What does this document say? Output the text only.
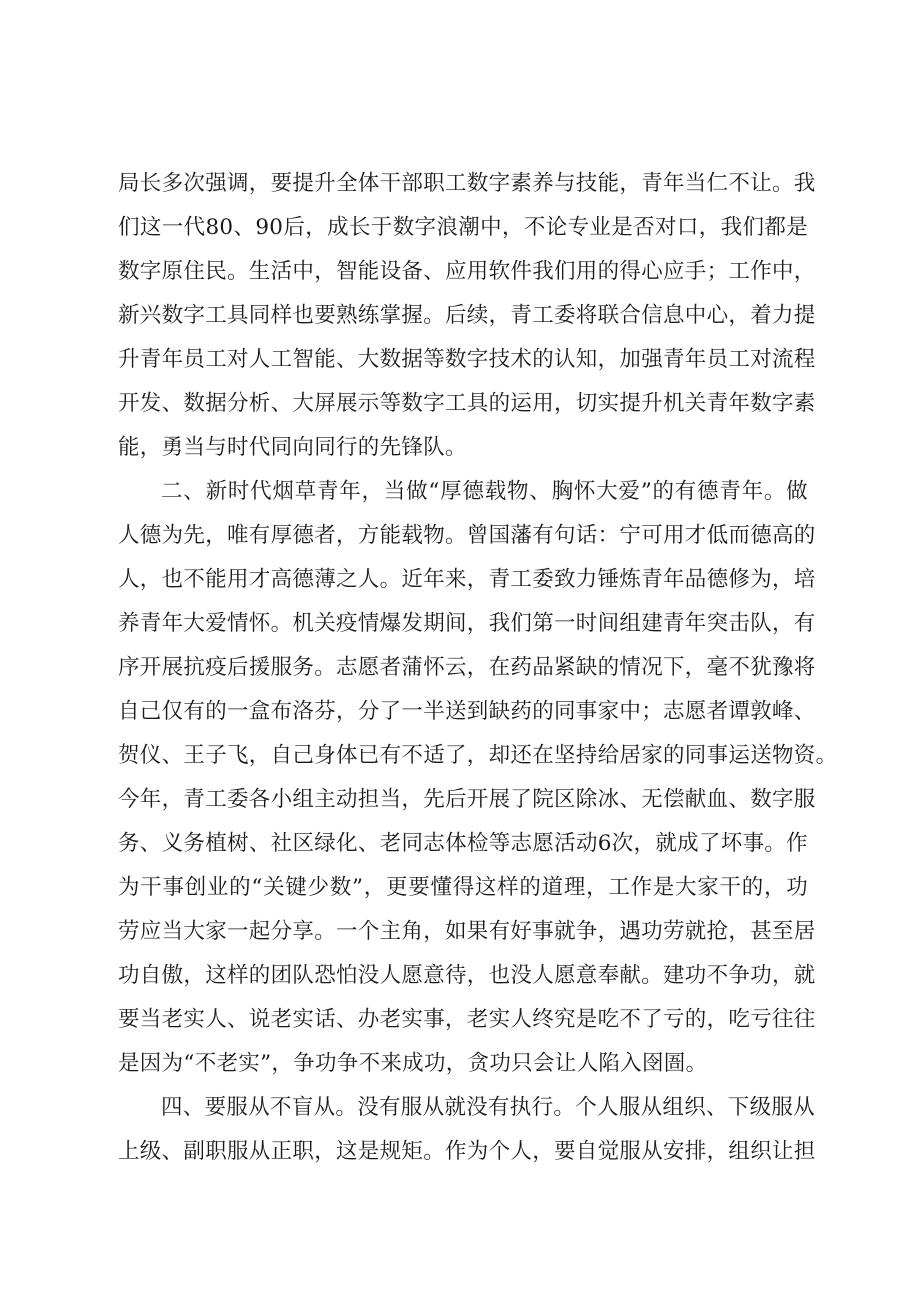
局长多次强调，要提升全体干部职工数字素养与技能，青年当仁不让。我
们这一代80、90后，成长于数字浪潮中，不论专业是否对口，我们都是
数字原住民。生活中，智能设备、应用软件我们用的得心应手；工作中，
新兴数字工具同样也要熟练掌握。后续，青工委将联合信息中心，着力提
升青年员工对人工智能、大数据等数字技术的认知，加强青年员工对流程
开发、数据分析、大屏展示等数字工具的运用，切实提升机关青年数字素
能，勇当与时代同向同行的先锋队。
二、新时代烟草青年，当做“厚德载物、胸怀大爱”的有德青年。做
人德为先，唯有厚德者，方能载物。曾国藩有句话：宁可用才低而德高的
人，也不能用才高德薄之人。近年来，青工委致力锤炼青年品德修为，培
养青年大爱情怀。机关疫情爆发期间，我们第一时间组建青年突击队，有
序开展抗疫后援服务。志愿者蒲怀云，在药品紧缺的情况下，毫不犹豫将
自己仅有的一盒布洛芬，分了一半送到缺药的同事家中；志愿者谭敦峰、
贺仪、王子飞，自己身体已有不适了，却还在坚持给居家的同事运送物资。
今年，青工委各小组主动担当，先后开展了院区除冰、无偿献血、数字服
务、义务植树、社区绿化、老同志体检等志愿活动6次，就成了坏事。作
为干事创业的“关键少数”，更要懂得这样的道理，工作是大家干的，功
劳应当大家一起分享。一个主角，如果有好事就争，遇功劳就抢，甚至居
功自傲，这样的团队恐怕没人愿意待，也没人愿意奉献。建功不争功，就
要当老实人、说老实话、办老实事，老实人终究是吃不了亏的，吃亏往往
是因为“不老实”，争功争不来成功，贪功只会让人陷入囹圄。
四、要服从不盲从。没有服从就没有执行。个人服从组织、下级服从
上级、副职服从正职，这是规矩。作为个人，要自觉服从安排，组织让担
